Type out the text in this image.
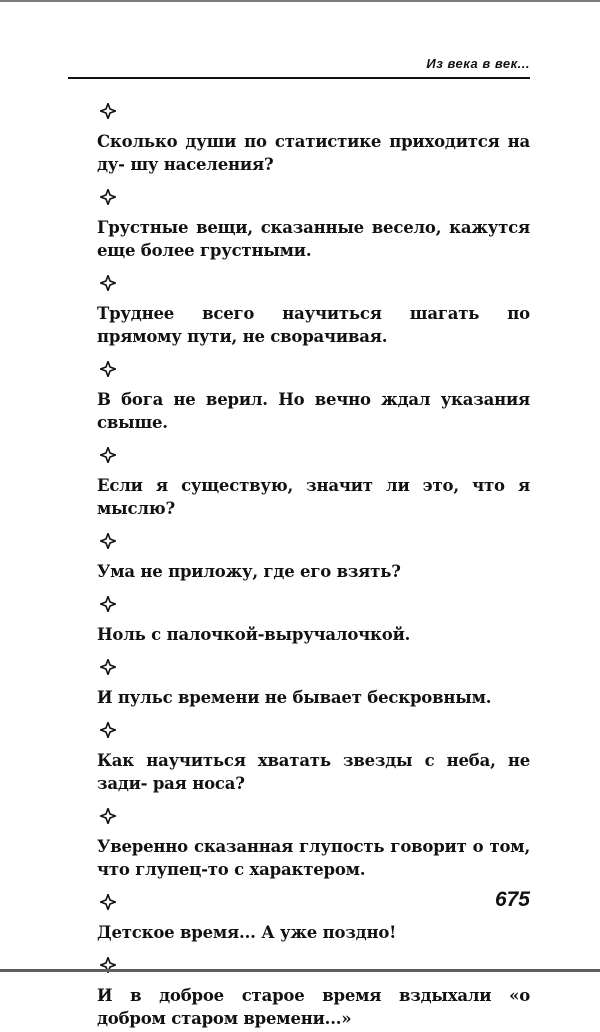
Из века в век...

Сколько души по статистике приходится на ду- шу населения?

Грустные вещи, сказанные весело, кажутся еще более грустными.

Труднее всего научиться шагать по прямому пути, не сворачивая.

В бога не верил. Но вечно ждал указания свыше.

Если я существую, значит ли это, что я мыслю?

Ума не приложу, где его взять?

Ноль с палочкой-выручалочкой.

И пульс времени не бывает бескровным.

Как научиться хватать звезды с неба, не зади- рая носа?

Уверенно сказанная глупость говорит о том, что глупец-то с характером.

Детское время... А уже поздно!

И в доброе старое время вздыхали «о добром старом времени...»

675
